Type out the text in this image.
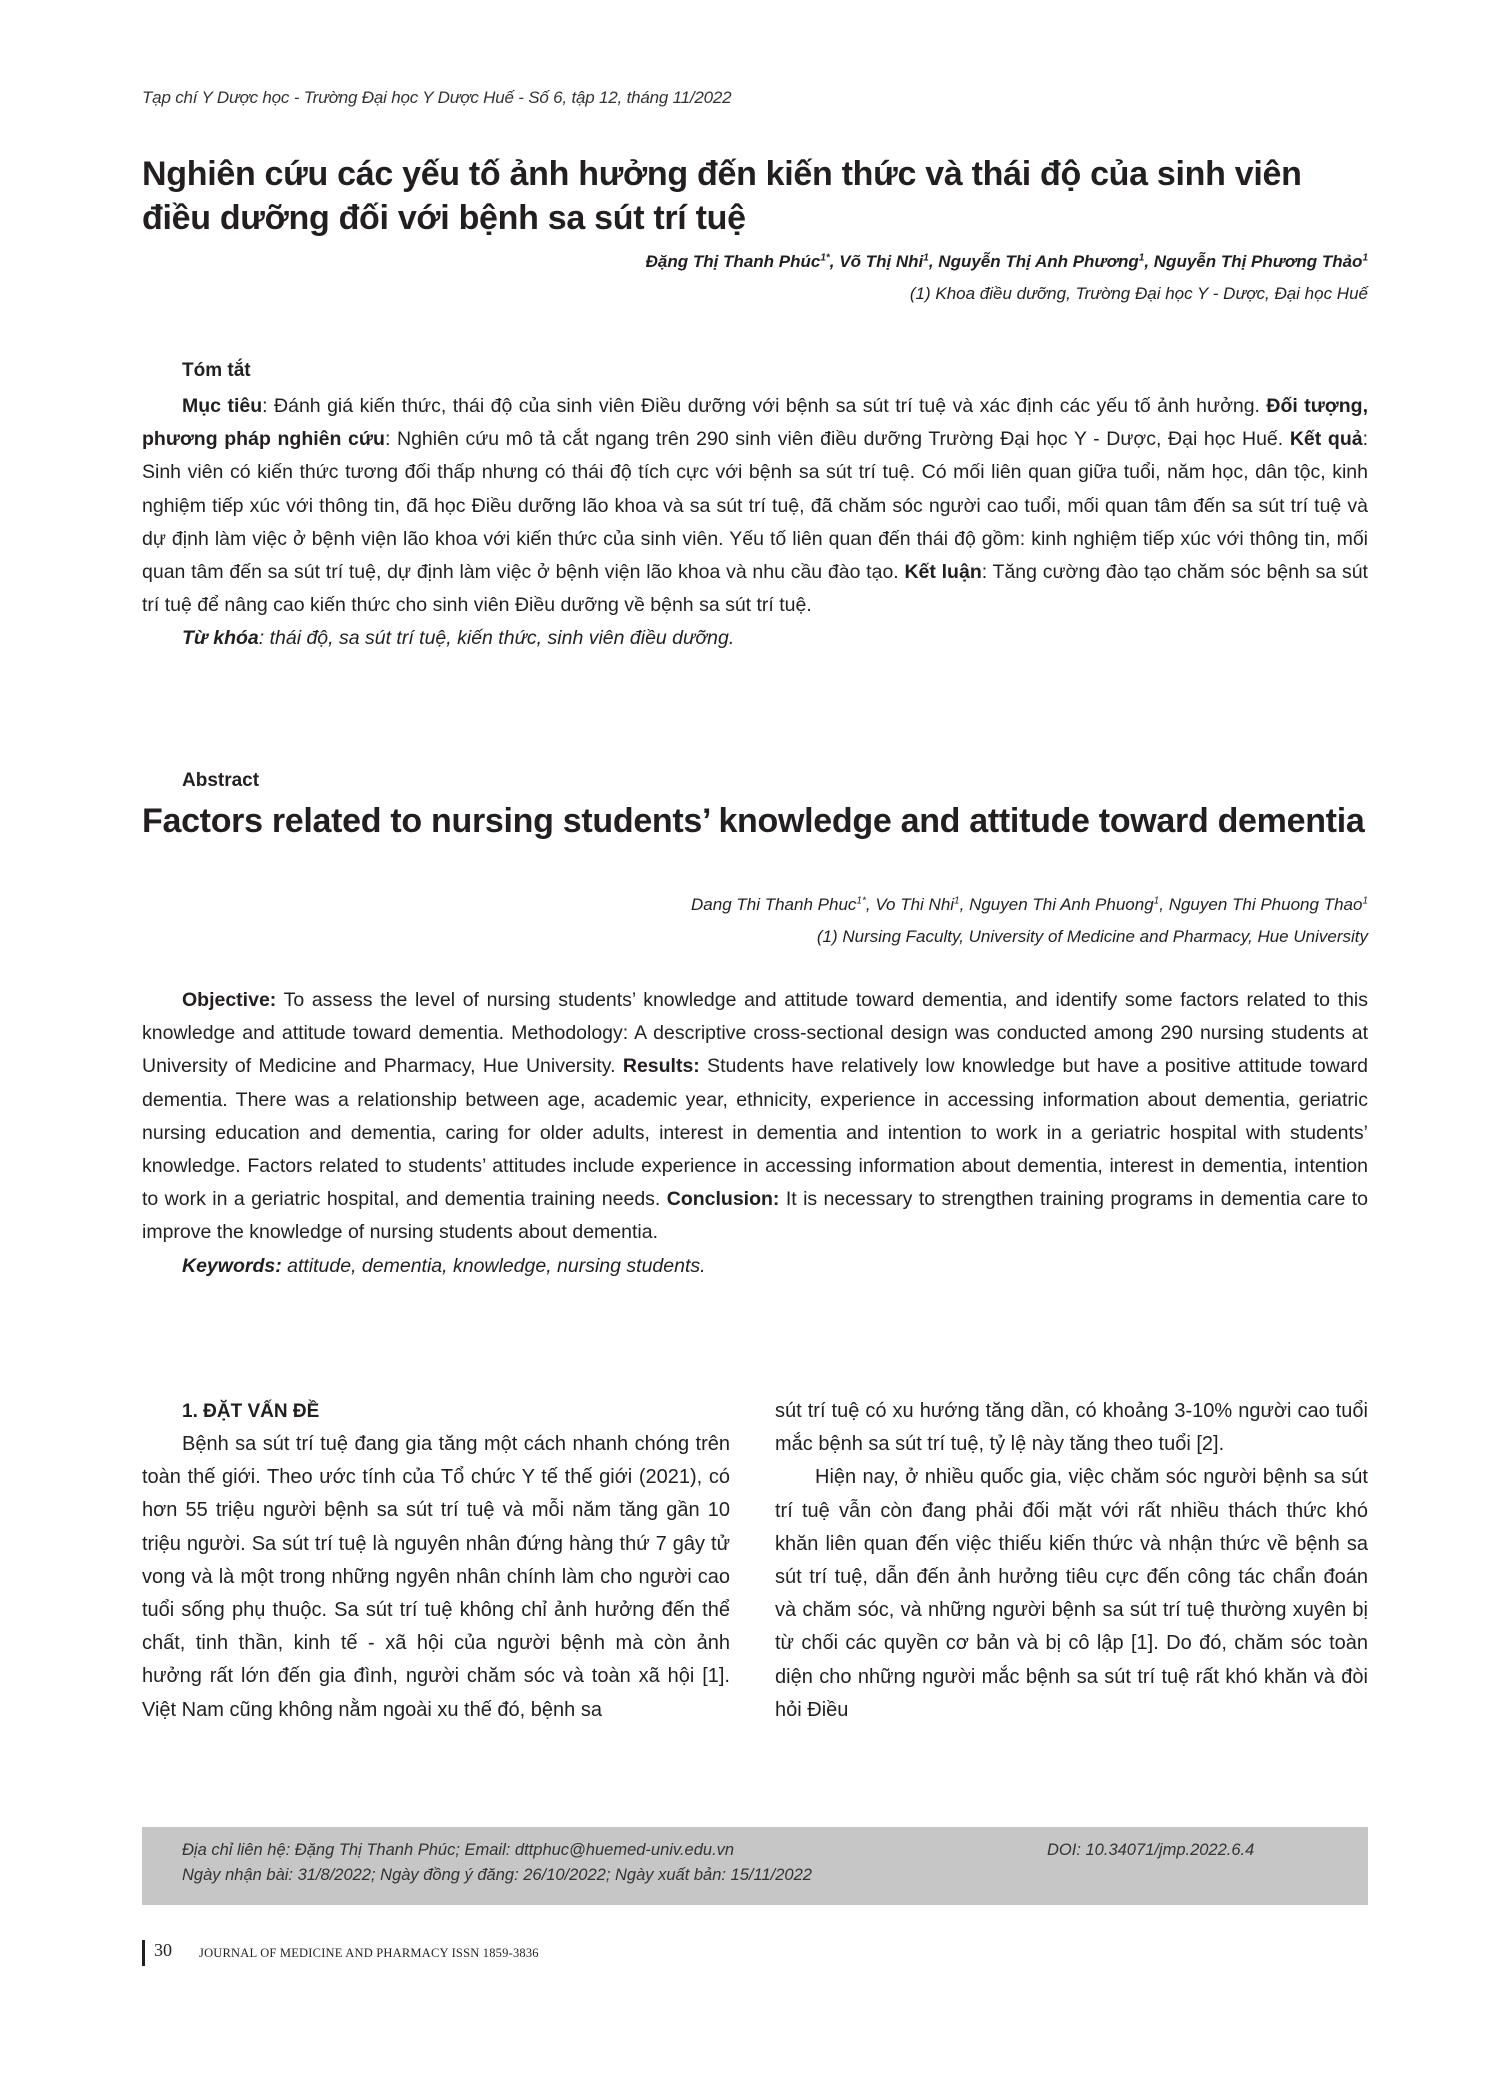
Tạp chí Y Dược học - Trường Đại học Y Dược Huế - Số 6, tập 12, tháng 11/2022
Nghiên cứu các yếu tố ảnh hưởng đến kiến thức và thái độ của sinh viên điều dưỡng đối với bệnh sa sút trí tuệ
Đặng Thị Thanh Phúc$^{1*}$, Võ Thị Nhi$^1$, Nguyễn Thị Anh Phương$^1$, Nguyễn Thị Phương Thảo$^1$
(1) Khoa điều dưỡng, Trường Đại học Y - Dược, Đại học Huế
Tóm tắt

Mục tiêu: Đánh giá kiến thức, thái độ của sinh viên Điều dưỡng với bệnh sa sút trí tuệ và xác định các yếu tố ảnh hưởng. Đối tượng, phương pháp nghiên cứu: Nghiên cứu mô tả cắt ngang trên 290 sinh viên điều dưỡng Trường Đại học Y - Dược, Đại học Huế. Kết quả: Sinh viên có kiến thức tương đối thấp nhưng có thái độ tích cực với bệnh sa sút trí tuệ. Có mối liên quan giữa tuổi, năm học, dân tộc, kinh nghiệm tiếp xúc với thông tin, đã học Điều dưỡng lão khoa và sa sút trí tuệ, đã chăm sóc người cao tuổi, mối quan tâm đến sa sút trí tuệ và dự định làm việc ở bệnh viện lão khoa với kiến thức của sinh viên. Yếu tố liên quan đến thái độ gồm: kinh nghiệm tiếp xúc với thông tin, mối quan tâm đến sa sút trí tuệ, dự định làm việc ở bệnh viện lão khoa và nhu cầu đào tạo. Kết luận: Tăng cường đào tạo chăm sóc bệnh sa sút trí tuệ để nâng cao kiến thức cho sinh viên Điều dưỡng về bệnh sa sút trí tuệ.

Từ khóa: thái độ, sa sút trí tuệ, kiến thức, sinh viên điều dưỡng.

Abstract
Factors related to nursing students’ knowledge and attitude toward dementia
Dang Thi Thanh Phuc$^{1*}$, Vo Thi Nhi$^1$, Nguyen Thi Anh Phuong$^1$, Nguyen Thi Phuong Thao$^1$
(1) Nursing Faculty, University of Medicine and Pharmacy, Hue University

Objective: To assess the level of nursing students’ knowledge and attitude toward dementia, and identify some factors related to this knowledge and attitude toward dementia. Methodology: A descriptive cross-sectional design was conducted among 290 nursing students at University of Medicine and Pharmacy, Hue University. Results: Students have relatively low knowledge but have a positive attitude toward dementia. There was a relationship between age, academic year, ethnicity, experience in accessing information about dementia, geriatric nursing education and dementia, caring for older adults, interest in dementia and intention to work in a geriatric hospital with students’ knowledge. Factors related to students’ attitudes include experience in accessing information about dementia, interest in dementia, intention to work in a geriatric hospital, and dementia training needs. Conclusion: It is necessary to strengthen training programs in dementia care to improve the knowledge of nursing students about dementia.

Keywords: attitude, dementia, knowledge, nursing students.

1. ĐẶT VẤN ĐỀ

Bệnh sa sút trí tuệ đang gia tăng một cách nhanh chóng trên toàn thế giới. Theo ước tính của Tổ chức Y tế thế giới (2021), có hơn 55 triệu người bệnh sa sút trí tuệ và mỗi năm tăng gần 10 triệu người. Sa sút trí tuệ là nguyên nhân đứng hàng thứ 7 gây tử vong và là một trong những ngyên nhân chính làm cho người cao tuổi sống phụ thuộc. Sa sút trí tuệ không chỉ ảnh hưởng đến thể chất, tinh thần, kinh tế - xã hội của người bệnh mà còn ảnh hưởng rất lớn đến gia đình, người chăm sóc và toàn xã hội [1]. Việt Nam cũng không nằm ngoài xu thế đó, bệnh sa

sút trí tuệ có xu hướng tăng dần, có khoảng 3-10% người cao tuổi mắc bệnh sa sút trí tuệ, tỷ lệ này tăng theo tuổi [2].

Hiện nay, ở nhiều quốc gia, việc chăm sóc người bệnh sa sút trí tuệ vẫn còn đang phải đối mặt với rất nhiều thách thức khó khăn liên quan đến việc thiếu kiến thức và nhận thức về bệnh sa sút trí tuệ, dẫn đến ảnh hưởng tiêu cực đến công tác chẩn đoán và chăm sóc, và những người bệnh sa sút trí tuệ thường xuyên bị từ chối các quyền cơ bản và bị cô lập [1]. Do đó, chăm sóc toàn diện cho những người mắc bệnh sa sút trí tuệ rất khó khăn và đòi hỏi Điều

Địa chỉ liên hệ: Đặng Thị Thanh Phúc; Email: dttphuc@huemed-univ.edu.vn
Ngày nhận bài: 31/8/2022; Ngày đồng ý đăng: 26/10/2022; Ngày xuất bản: 15/11/2022
DOI: 10.34071/jmp.2022.6.4
30 JOURNAL OF MEDICINE AND PHARMACY ISSN 1859-3836
